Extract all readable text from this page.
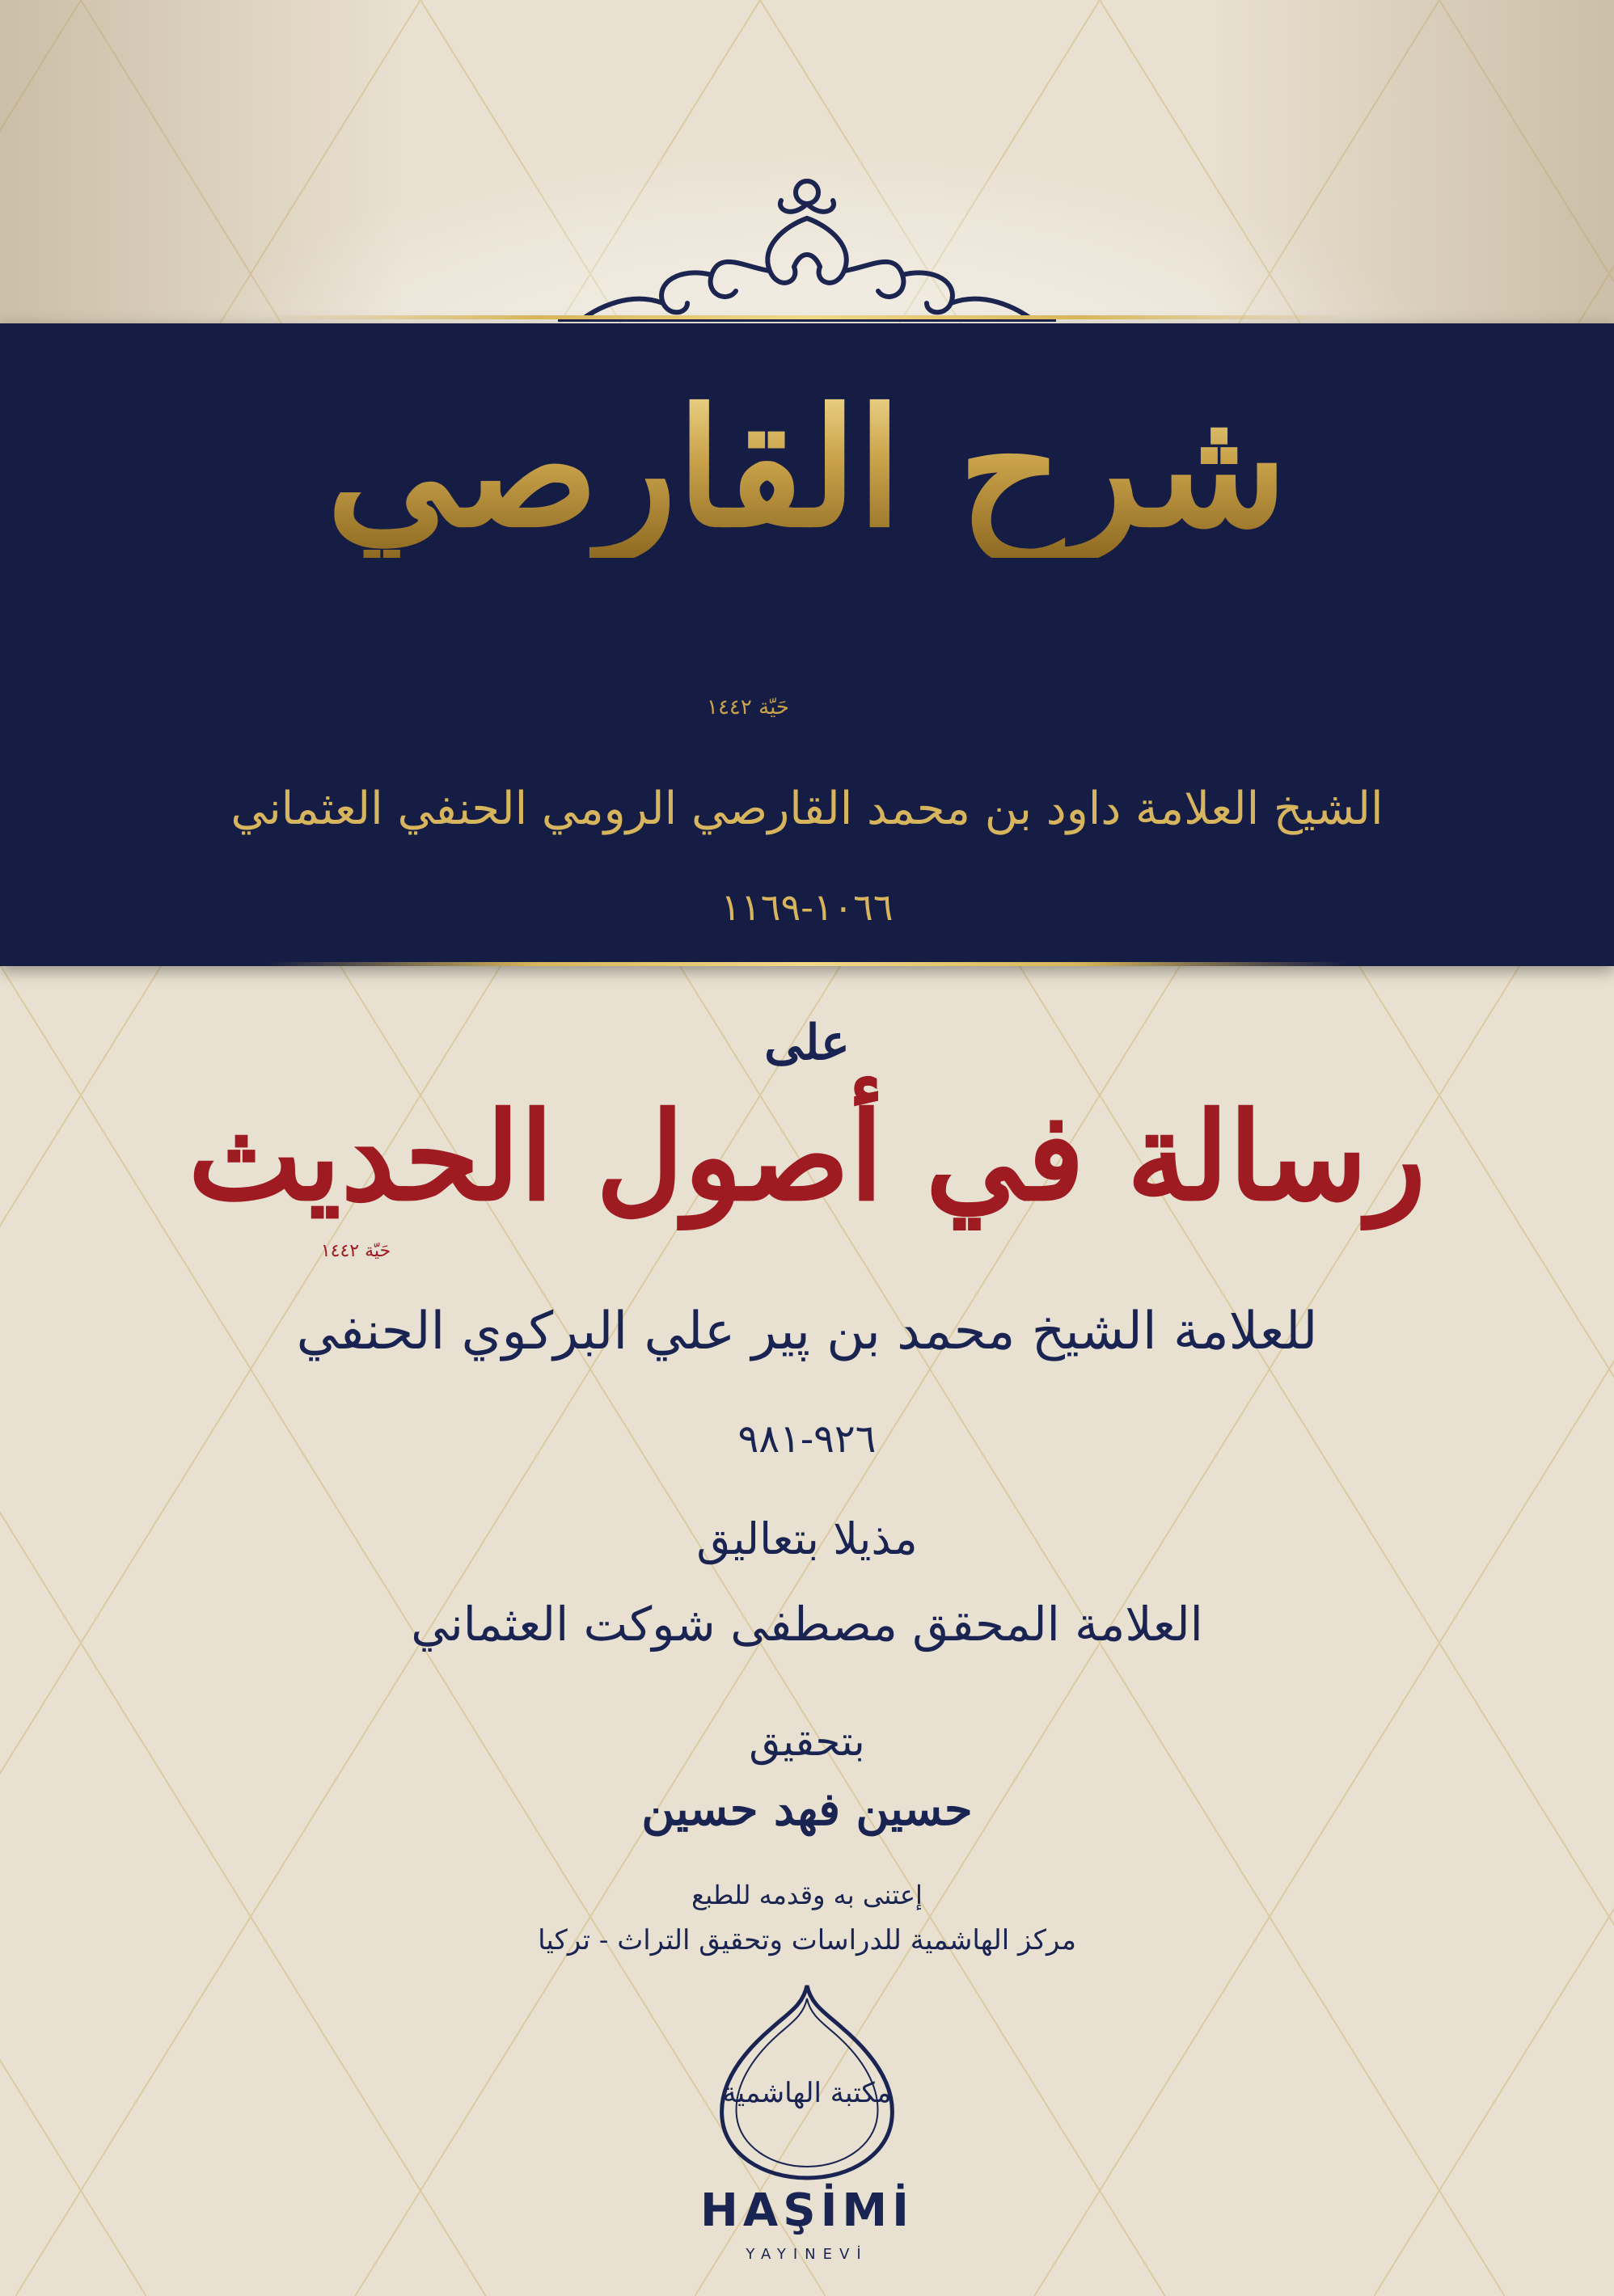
شرح القارصي
حَيّة ١٤٤٢
الشيخ العلامة داود بن محمد القارصي الرومي الحنفي العثماني
١٠٦٦-١١٦٩
على
رسالة في أصول الحديث
حَيّة ١٤٤٢
للعلامة الشيخ محمد بن پير علي البركوي الحنفي
٩٢٦-٩٨١
مذيلا بتعاليق
العلامة المحقق مصطفى شوكت العثماني
بتحقيق
حسين فهد حسين
إعتنى به وقدمه للطبع
مركز الهاشمية للدراسات وتحقيق التراث - تركيا
مكتبة الهاشمية
HAŞİMİ
YAYINEVİ
